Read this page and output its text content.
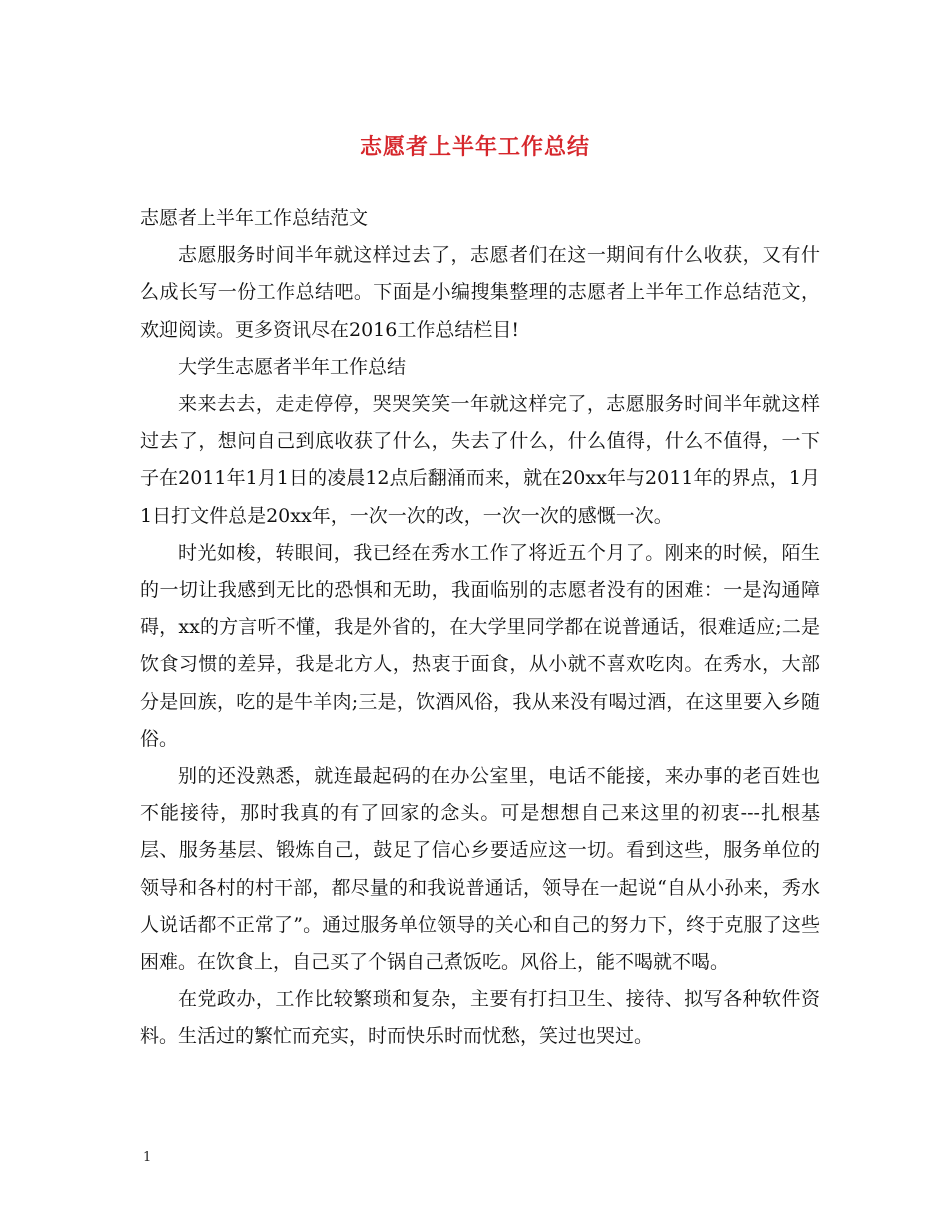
志愿者上半年工作总结

志愿者上半年工作总结范文

志愿服务时间半年就这样过去了，志愿者们在这一期间有什么收获，又有什么成长写一份工作总结吧。下面是小编搜集整理的志愿者上半年工作总结范文，欢迎阅读。更多资讯尽在2016工作总结栏目!

大学生志愿者半年工作总结

来来去去，走走停停，哭哭笑笑一年就这样完了，志愿服务时间半年就这样过去了，想问自己到底收获了什么，失去了什么，什么值得，什么不值得，一下子在2011年1月1日的凌晨12点后翻涌而来，就在20xx年与2011年的界点，1月1日打文件总是20xx年，一次一次的改，一次一次的感慨一次。

时光如梭，转眼间，我已经在秀水工作了将近五个月了。刚来的时候，陌生的一切让我感到无比的恐惧和无助，我面临别的志愿者没有的困难：一是沟通障碍，xx的方言听不懂，我是外省的，在大学里同学都在说普通话，很难适应;二是饮食习惯的差异，我是北方人，热衷于面食，从小就不喜欢吃肉。在秀水，大部分是回族，吃的是牛羊肉;三是，饮酒风俗，我从来没有喝过酒，在这里要入乡随俗。

别的还没熟悉，就连最起码的在办公室里，电话不能接，来办事的老百姓也不能接待，那时我真的有了回家的念头。可是想想自己来这里的初衷---扎根基层、服务基层、锻炼自己，鼓足了信心乡要适应这一切。看到这些，服务单位的领导和各村的村干部，都尽量的和我说普通话，领导在一起说“自从小孙来，秀水人说话都不正常了”。通过服务单位领导的关心和自己的努力下，终于克服了这些困难。在饮食上，自己买了个锅自己煮饭吃。风俗上，能不喝就不喝。

在党政办，工作比较繁琐和复杂，主要有打扫卫生、接待、拟写各种软件资料。生活过的繁忙而充实，时而快乐时而忧愁，笑过也哭过。

1
